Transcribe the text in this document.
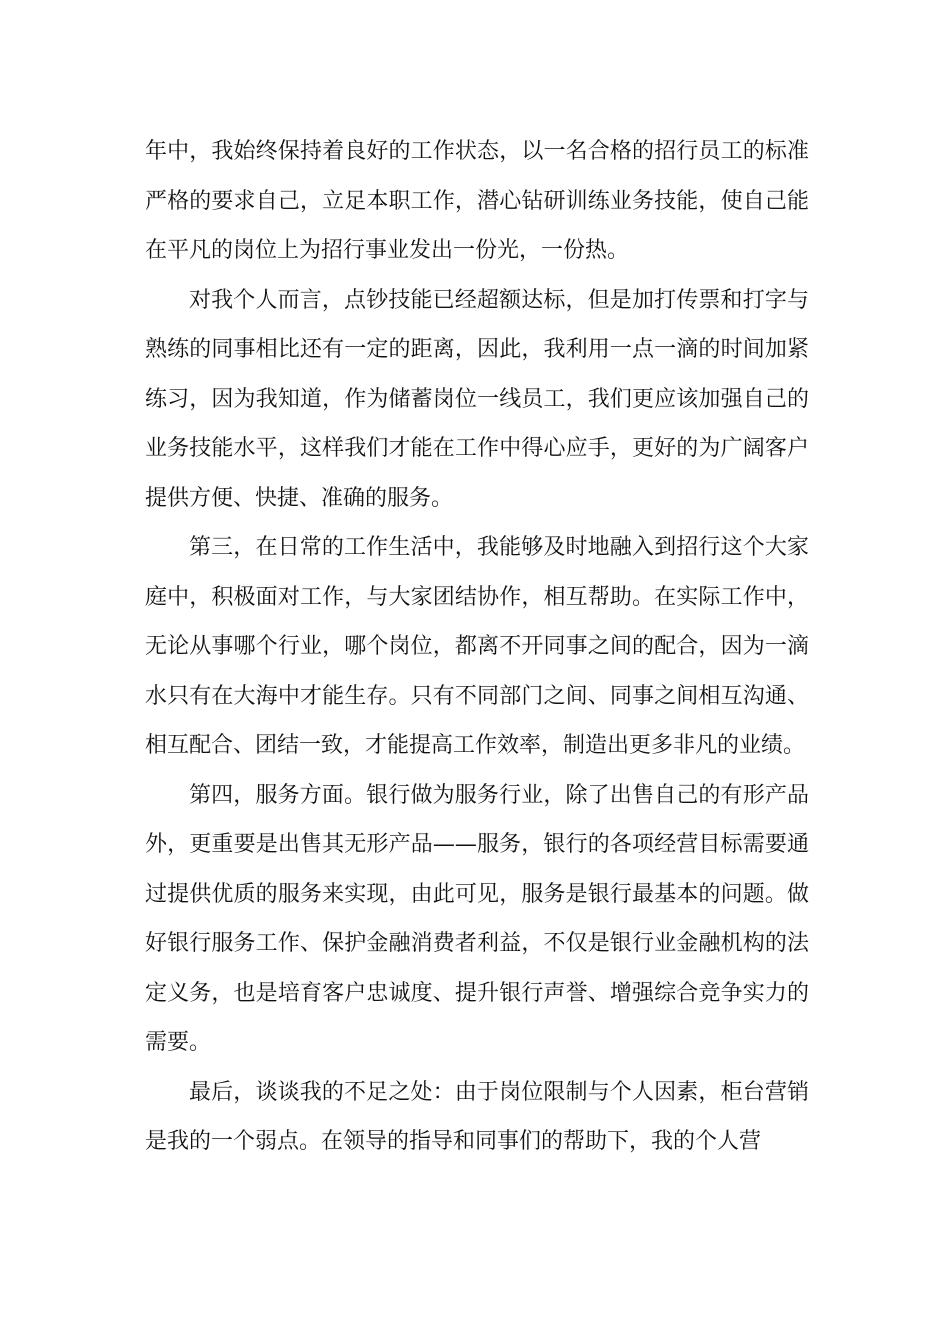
年中，我始终保持着良好的工作状态，以一名合格的招行员工的标准严格的要求自己，立足本职工作，潜心钻研训练业务技能，使自己能在平凡的岗位上为招行事业发出一份光，一份热。

对我个人而言，点钞技能已经超额达标，但是加打传票和打字与熟练的同事相比还有一定的距离，因此，我利用一点一滴的时间加紧练习，因为我知道，作为储蓄岗位一线员工，我们更应该加强自己的业务技能水平，这样我们才能在工作中得心应手，更好的为广阔客户提供方便、快捷、准确的服务。

第三，在日常的工作生活中，我能够及时地融入到招行这个大家庭中，积极面对工作，与大家团结协作，相互帮助。在实际工作中，无论从事哪个行业，哪个岗位，都离不开同事之间的配合，因为一滴水只有在大海中才能生存。只有不同部门之间、同事之间相互沟通、相互配合、团结一致，才能提高工作效率，制造出更多非凡的业绩。

第四，服务方面。银行做为服务行业，除了出售自己的有形产品外，更重要是出售其无形产品——服务，银行的各项经营目标需要通过提供优质的服务来实现，由此可见，服务是银行最基本的问题。做好银行服务工作、保护金融消费者利益，不仅是银行业金融机构的法定义务，也是培育客户忠诚度、提升银行声誉、增强综合竞争实力的需要。

最后，谈谈我的不足之处：由于岗位限制与个人因素，柜台营销是我的一个弱点。在领导的指导和同事们的帮助下，我的个人营
